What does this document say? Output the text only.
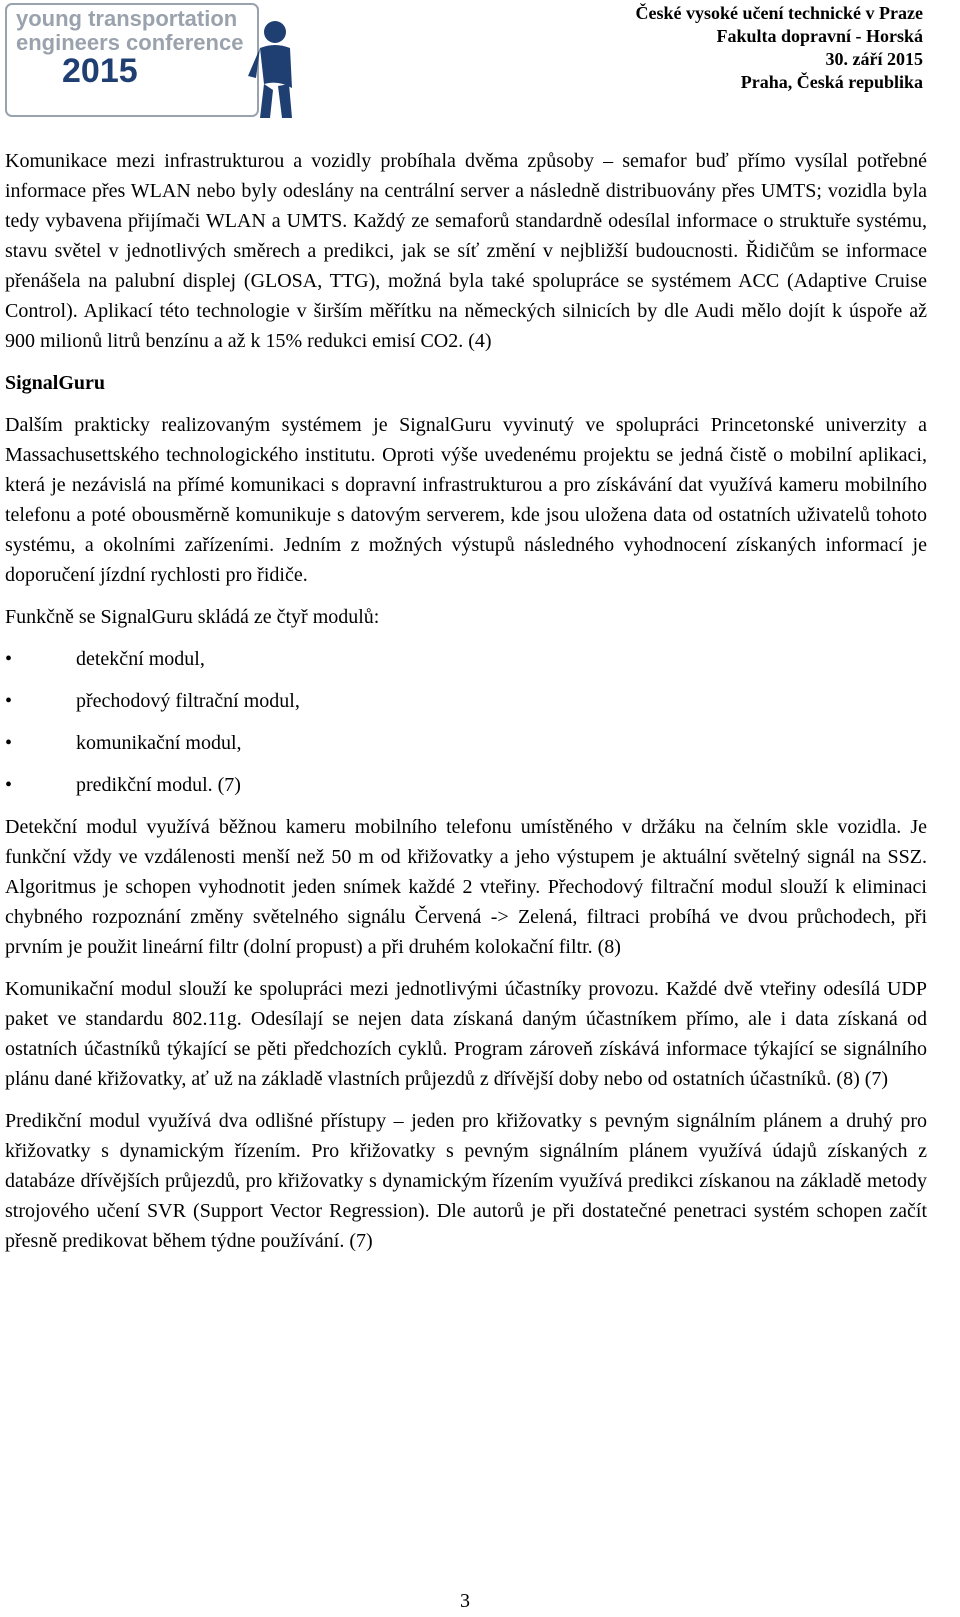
young transportation
engineers conference
2015
České vysoké učení technické v Praze
Fakulta dopravní - Horská
30. září 2015
Praha, Česká republika

Komunikace mezi infrastrukturou a vozidly probíhala dvěma způsoby – semafor buď přímo vysílal potřebné informace přes WLAN nebo byly odeslány na centrální server a následně distribuovány přes UMTS; vozidla byla tedy vybavena přijímači WLAN a UMTS. Každý ze semaforů standardně odesílal informace o struktuře systému, stavu světel v jednotlivých směrech a predikci, jak se síť změní v nejbližší budoucnosti. Řidičům se informace přenášela na palubní displej (GLOSA, TTG), možná byla také spolupráce se systémem ACC (Adaptive Cruise Control). Aplikací této technologie v širším měřítku na německých silnicích by dle Audi mělo dojít k úspoře až 900 milionů litrů benzínu a až k 15% redukci emisí CO2. (4)

SignalGuru

Dalším prakticky realizovaným systémem je SignalGuru vyvinutý ve spolupráci Princetonské univerzity a Massachusettského technologického institutu. Oproti výše uvedenému projektu se jedná čistě o mobilní aplikaci, která je nezávislá na přímé komunikaci s dopravní infrastrukturou a pro získávání dat využívá kameru mobilního telefonu a poté obousměrně komunikuje s datovým serverem, kde jsou uložena data od ostatních uživatelů tohoto systému, a okolními zařízeními. Jedním z možných výstupů následného vyhodnocení získaných informací je doporučení jízdní rychlosti pro řidiče.

Funkčně se SignalGuru skládá ze čtyř modulů:

•	detekční modul,
•	přechodový filtrační modul,
•	komunikační modul,
•	predikční modul. (7)

Detekční modul využívá běžnou kameru mobilního telefonu umístěného v držáku na čelním skle vozidla. Je funkční vždy ve vzdálenosti menší než 50 m od křižovatky a jeho výstupem je aktuální světelný signál na SSZ. Algoritmus je schopen vyhodnotit jeden snímek každé 2 vteřiny. Přechodový filtrační modul slouží k eliminaci chybného rozpoznání změny světelného signálu Červená -> Zelená, filtraci probíhá ve dvou průchodech, při prvním je použit lineární filtr (dolní propust) a při druhém kolokační filtr. (8)

Komunikační modul slouží ke spolupráci mezi jednotlivými účastníky provozu. Každé dvě vteřiny odesílá UDP paket ve standardu 802.11g. Odesílají se nejen data získaná daným účastníkem přímo, ale i data získaná od ostatních účastníků týkající se pěti předchozích cyklů. Program zároveň získává informace týkající se signálního plánu dané křižovatky, ať už na základě vlastních průjezdů z dřívější doby nebo od ostatních účastníků. (8) (7)

Predikční modul využívá dva odlišné přístupy – jeden pro křižovatky s pevným signálním plánem a druhý pro křižovatky s dynamickým řízením. Pro křižovatky s pevným signálním plánem využívá údajů získaných z databáze dřívějších průjezdů, pro křižovatky s dynamickým řízením využívá predikci získanou na základě metody strojového učení SVR (Support Vector Regression). Dle autorů je při dostatečné penetraci systém schopen začít přesně predikovat během týdne používání. (7)

3
